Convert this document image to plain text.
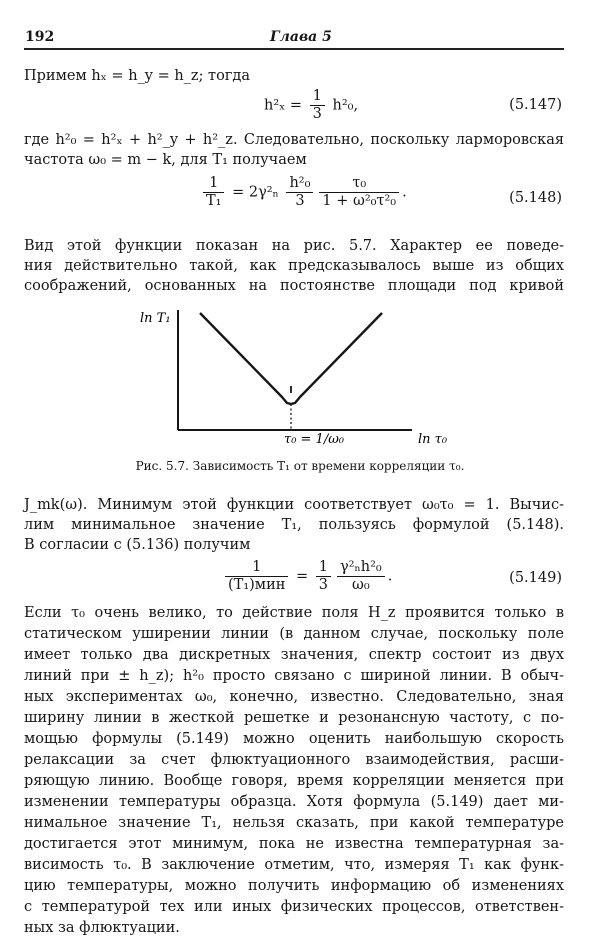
192	Глава 5
Примем hₓ = h_y = h_z; тогда
$h^2_x = \frac{1}{3} h^2_0$,	(5.147)
где h²₀ = h²ₓ + h²_y + h²_z. Следовательно, поскольку ларморовская
частота ω₀ = m − k, для T₁ получаем
$\frac{1}{\text{T₁}} = 2\gamma^2_n \frac{\text{h²₀}}{3} \frac{\text{τ₀}}{\text{1 + ω²₀τ²₀}}$ .	(5.148)
Вид этой функции показан на рис. 5.7. Характер ее поведе-
ния действительно такой, как предсказывалось выше из общих
соображений, основанных на постоянстве площади под кривой
ln T₁
ln τ₀
τ₀ = 1/ω₀
Рис. 5.7. Зависимость T₁ от времени корреляции τ₀.
J_mk(ω). Минимум этой функции соответствует ω₀τ₀ = 1. Вычис-
лим минимальное значение T₁, пользуясь формулой (5.148).
В согласии с (5.136) получим
$\frac{1}{\text{(T₁)мин}} = \frac{1}{3} \frac{\text{γ²ₙh²₀}}{\text{ω₀}}$ .	(5.149)
Если τ₀ очень велико, то действие поля H_z проявится только в
статическом уширении линии (в данном случае, поскольку поле
имеет только два дискретных значения, спектр состоит из двух
линий при ± h_z); h²₀ просто связано с шириной линии. В обыч-
ных экспериментах ω₀, конечно, известно. Следовательно, зная
ширину линии в жесткой решетке и резонансную частоту, с по-
мощью формулы (5.149) можно оценить наибольшую скорость
релаксации за счет флюктуационного взаимодействия, расши-
ряющую линию. Вообще говоря, время корреляции меняется при
изменении температуры образца. Хотя формула (5.149) дает ми-
нимальное значение T₁, нельзя сказать, при какой температуре
достигается этот минимум, пока не известна температурная за-
висимость τ₀. В заключение отметим, что, измеряя T₁ как функ-
цию температуры, можно получить информацию об изменениях
с температурой тех или иных физических процессов, ответствен-
ных за флюктуации.
